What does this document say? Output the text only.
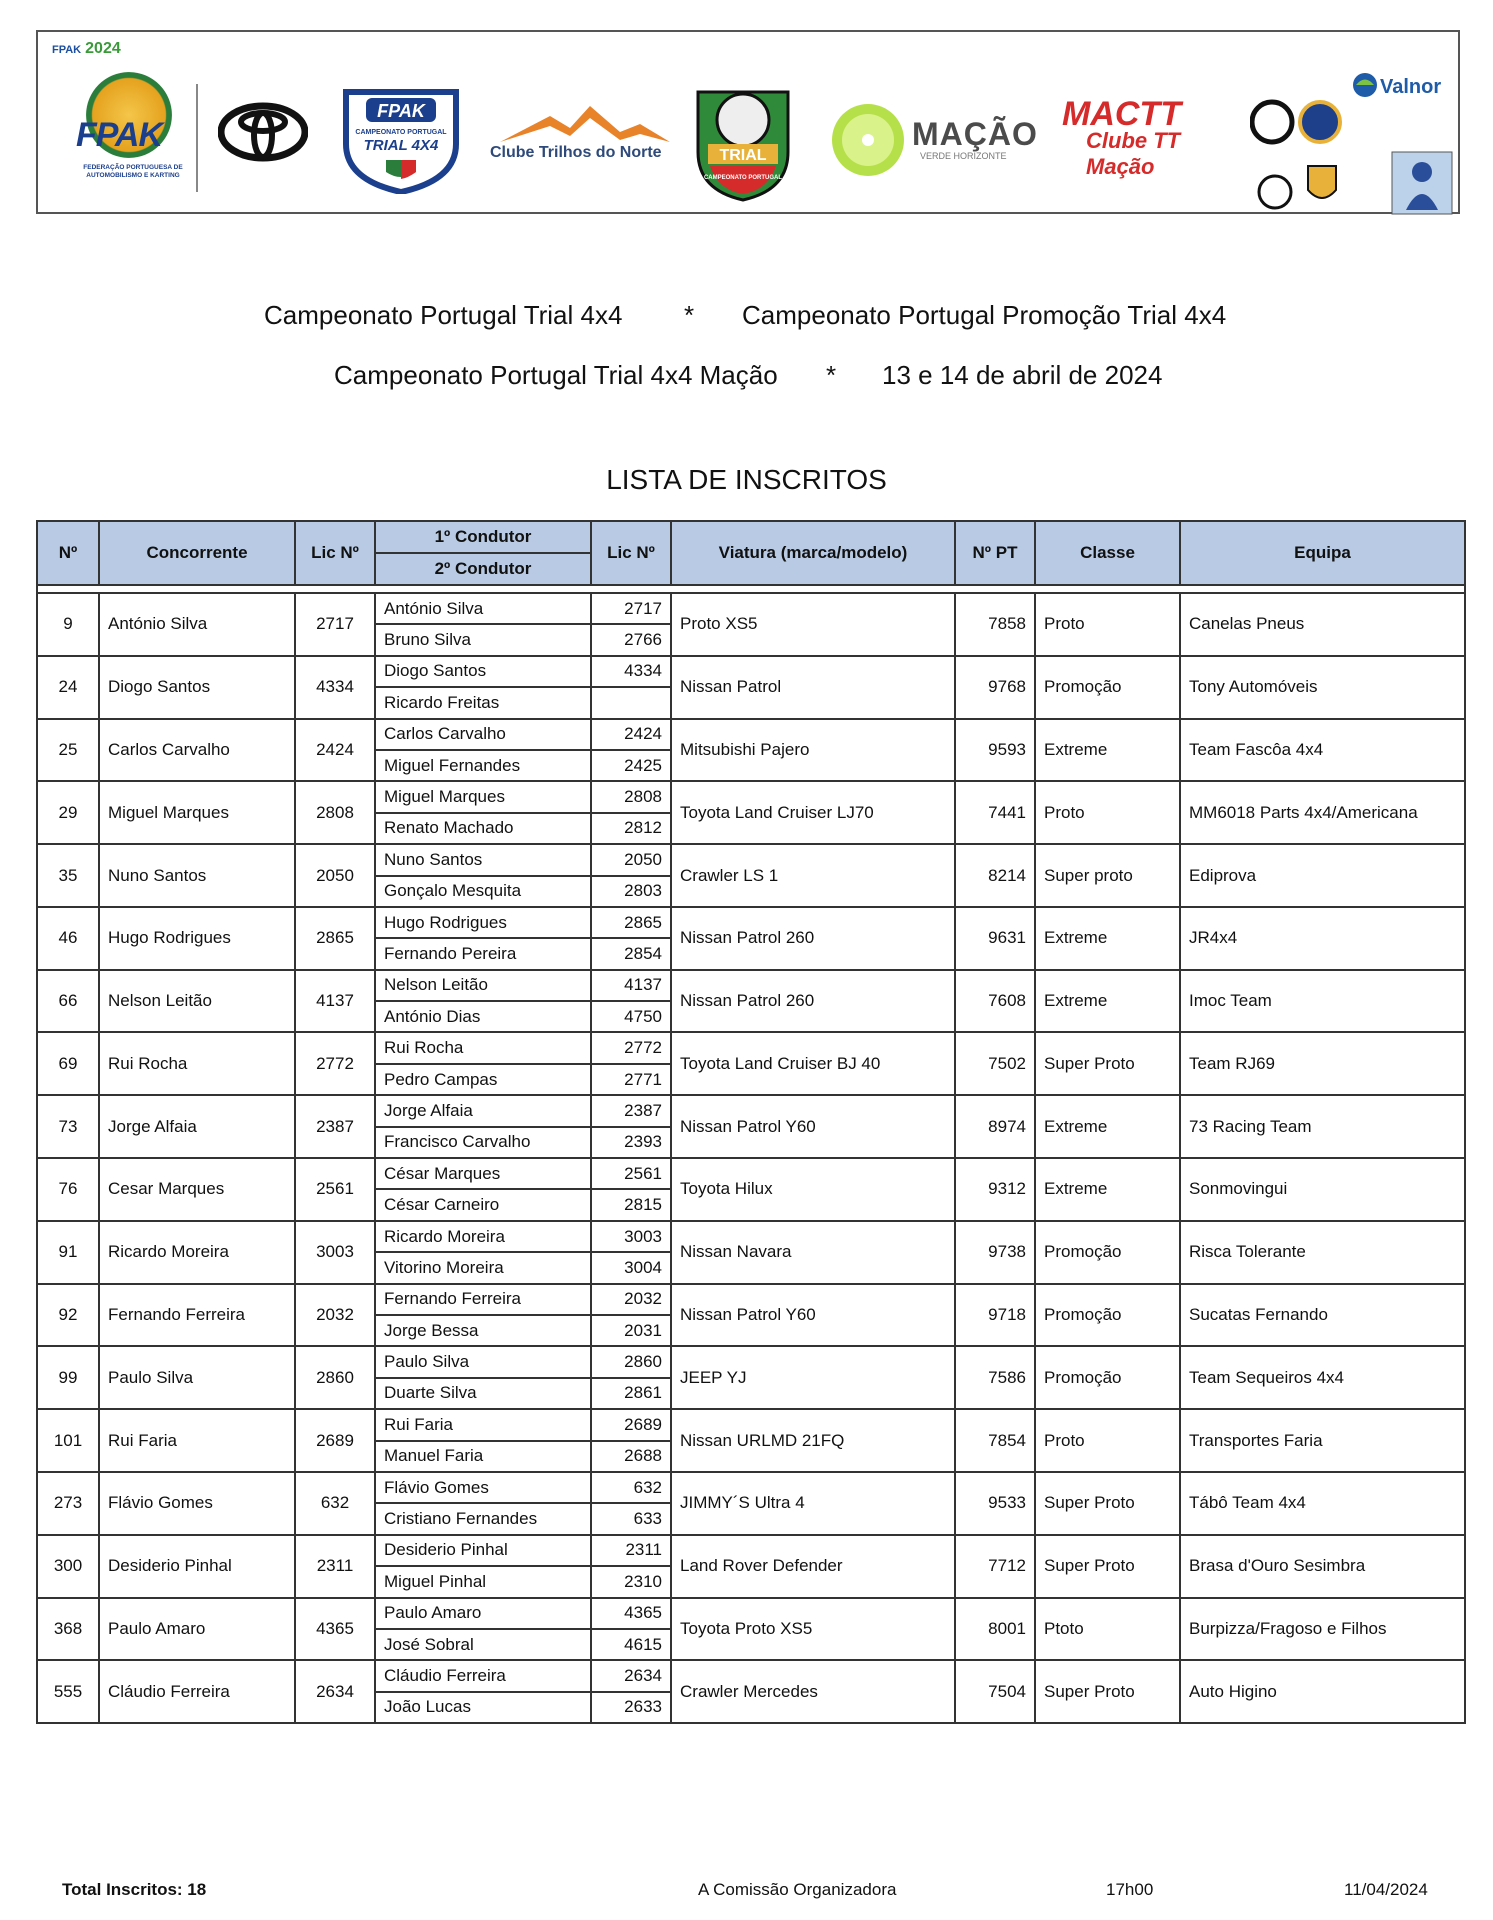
FPAK 2024
FPAK
FEDERAÇÃO PORTUGUESA DE AUTOMOBILISMO E KARTING
FPAK
CAMPEONATO PORTUGAL
TRIAL 4X4	Clube Trilhos do Norte	TRIAL
CAMPEONATO PORTUGAL
MAÇÃO
VERDE HORIZONTE
MACTT
Clube TT Mação
Valnor
Campeonato Portugal Trial 4x4 * Campeonato Portugal Promoção Trial 4x4
Campeonato Portugal Trial 4x4 Mação * 13 e 14 de abril de 2024
LISTA DE INSCRITOS
Nº	Concorrente	Lic Nº	1º Condutor	Lic Nº	Viatura (marca/modelo)	Nº PT	Classe	Equipa
			2º Condutor					

9	António Silva	2717	António Silva	2717	Proto XS5	7858	Proto	Canelas Pneus
			Bruno Silva	2766				
24	Diogo Santos	4334	Diogo Santos	4334	Nissan Patrol	9768	Promoção	Tony Automóveis
			Ricardo Freitas					
25	Carlos Carvalho	2424	Carlos Carvalho	2424	Mitsubishi Pajero	9593	Extreme	Team Fascôa 4x4
			Miguel Fernandes	2425				
29	Miguel Marques	2808	Miguel Marques	2808	Toyota Land Cruiser LJ70	7441	Proto	MM6018 Parts 4x4/Americana
			Renato Machado	2812				
35	Nuno Santos	2050	Nuno Santos	2050	Crawler LS 1	8214	Super proto	Ediprova
			Gonçalo Mesquita	2803				
46	Hugo Rodrigues	2865	Hugo Rodrigues	2865	Nissan Patrol 260	9631	Extreme	JR4x4
			Fernando Pereira	2854				
66	Nelson Leitão	4137	Nelson Leitão	4137	Nissan Patrol 260	7608	Extreme	Imoc Team
			António Dias	4750				
69	Rui Rocha	2772	Rui Rocha	2772	Toyota Land Cruiser BJ 40	7502	Super Proto	Team RJ69
			Pedro Campas	2771				
73	Jorge Alfaia	2387	Jorge Alfaia	2387	Nissan Patrol Y60	8974	Extreme	73 Racing Team
			Francisco Carvalho	2393				
76	Cesar Marques	2561	César Marques	2561	Toyota Hilux	9312	Extreme	Sonmovingui
			César Carneiro	2815				
91	Ricardo Moreira	3003	Ricardo Moreira	3003	Nissan Navara	9738	Promoção	Risca Tolerante
			Vitorino Moreira	3004				
92	Fernando Ferreira	2032	Fernando Ferreira	2032	Nissan Patrol Y60	9718	Promoção	Sucatas Fernando
			Jorge Bessa	2031				
99	Paulo Silva	2860	Paulo Silva	2860	JEEP YJ	7586	Promoção	Team Sequeiros 4x4
			Duarte Silva	2861				
101	Rui Faria	2689	Rui Faria	2689	Nissan URLMD 21FQ	7854	Proto	Transportes Faria
			Manuel Faria	2688				
273	Flávio Gomes	632	Flávio Gomes	632	JIMMY´S Ultra 4	9533	Super Proto	Tábô Team 4x4
			Cristiano Fernandes	633				
300	Desiderio Pinhal	2311	Desiderio Pinhal	2311	Land Rover Defender	7712	Super Proto	Brasa d'Ouro Sesimbra
			Miguel Pinhal	2310				
368	Paulo Amaro	4365	Paulo Amaro	4365	Toyota Proto XS5	8001	Ptoto	Burpizza/Fragoso e Filhos
			José Sobral	4615				
555	Cláudio Ferreira	2634	Cláudio Ferreira	2634	Crawler Mercedes	7504	Super Proto	Auto Higino
			João Lucas	2633				
Total Inscritos: 18	A Comissão Organizadora	17h00	11/04/2024
